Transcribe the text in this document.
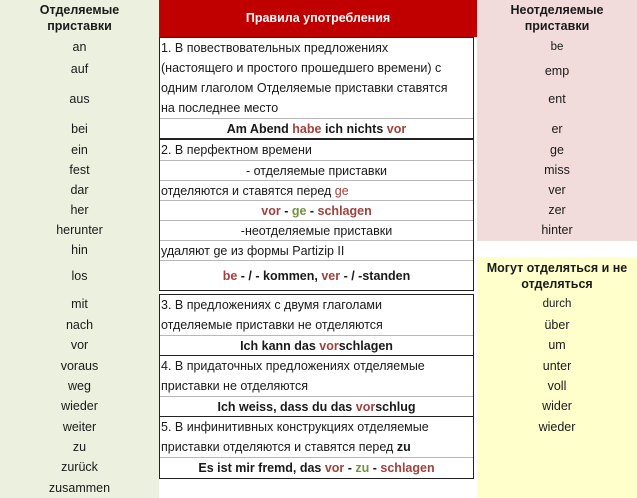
Отделяемые
приставки
an
auf
aus
bei
ein
fest
dar
her
herunter
hin
los
mit
nach
vor
voraus
weg
wieder
weiter
zu
zurück
zusammen
Правила употребления
1. В повествовательных предложениях
(настоящего и простого прошедшего времени) с
одним глаголом Отделяемые приставки ставятся
на последнее место
Am Abend habe ich nichts vor
2. В перфектном времени
- отделяемые приставки
отделяются и ставятся перед ge
vor - ge - schlagen
-неотделяемые приставки
удаляют ge из формы Partizip II
be - / - kommen, ver - / -standen
3. В предложениях с двумя глаголами
отделяемые приставки не отделяются
Ich kann das vorschlagen
4. В придаточных предложениях отделяемые
приставки не отделяются
Ich weiss, dass du das vorschlug
5. В инфинитивных конструкциях отделяемые
приставки отделяются и ставятся перед zu
Es ist mir fremd, das vor - zu - schlagen
Неотделяемые
приставки
be
emp
ent
er
ge
miss
ver
zer
hinter
Могут отделяться и не
отделяться
durch
über
um
unter
voll
wider
wieder
